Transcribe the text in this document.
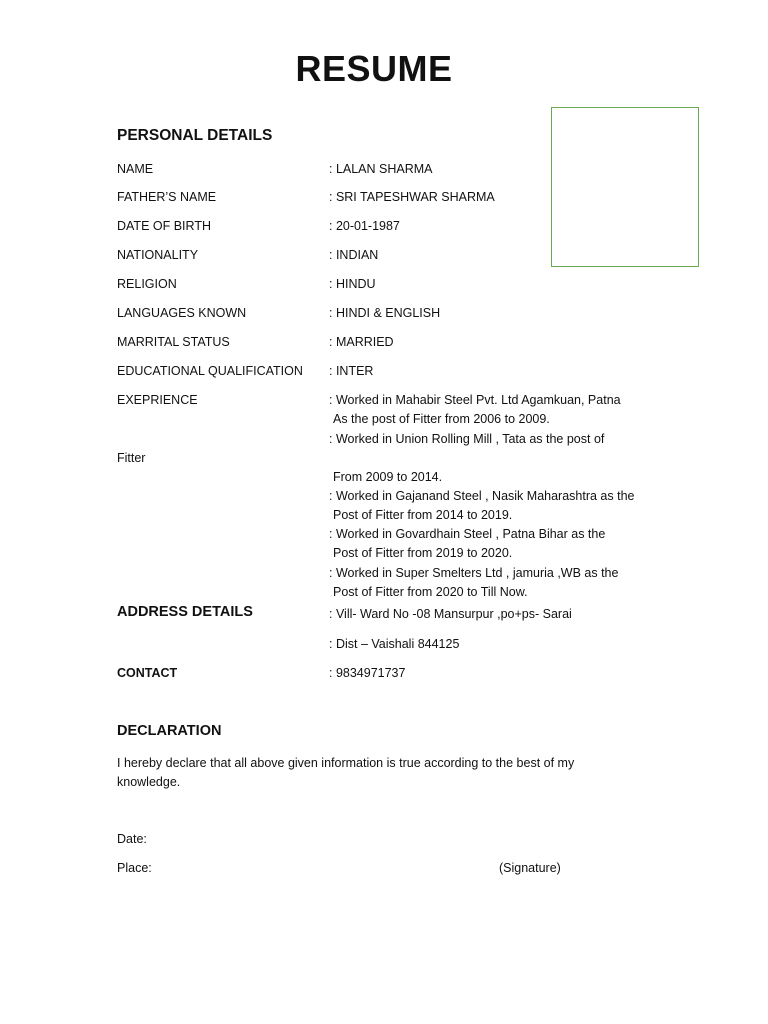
RESUME
PERSONAL DETAILS
NAME	: LALAN SHARMA
FATHER’S NAME	: SRI TAPESHWAR SHARMA
DATE OF BIRTH	: 20-01-1987
NATIONALITY	: INDIAN
RELIGION	: HINDU
LANGUAGES KNOWN	: HINDI & ENGLISH
MARRITAL STATUS	: MARRIED
EDUCATIONAL QUALIFICATION : INTER
EXEPRIENCE	: Worked in Mahabir Steel Pvt. Ltd Agamkuan, Patna
As the post of Fitter from 2006 to 2009.
: Worked in Union Rolling Mill , Tata as the post of
Fitter
From 2009 to 2014.
: Worked in Gajanand Steel , Nasik Maharashtra as the
Post of Fitter from 2014 to 2019.
: Worked in Govardhain Steel , Patna Bihar as the
Post of Fitter from 2019 to 2020.
: Worked in Super Smelters Ltd , jamuria ,WB as the
Post of Fitter from 2020 to Till Now.
ADDRESS DETAILS	: Vill- Ward No -08 Mansurpur ,po+ps- Sarai
: Dist – Vaishali 844125
CONTACT	: 9834971737
DECLARATION
I hereby declare that all above given information is true according to the best of my
knowledge.
Date:
Place:	(Signature)
